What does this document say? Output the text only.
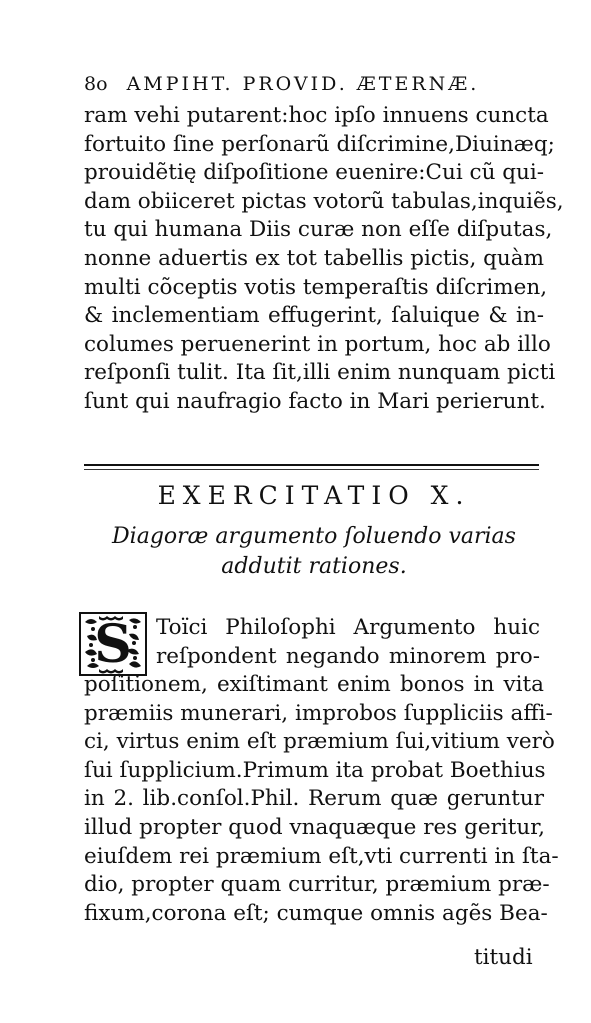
8o AMPIHT. PROVID. ÆTERNÆ.
ram vehi putarent:hoc ipſo innuens cuncta
fortuito ſine perſonarũ diſcrimine,Diuinæq;
prouidẽtię diſpoſitione euenire:Cui cũ qui-
dam obiiceret pictas votorũ tabulas,inquiẽs,
tu qui humana Diis curæ non eſſe diſputas,
nonne aduertis ex tot tabellis pictis, quàm
multi cõceptis votis temperaſtis diſcrimen,
& inclementiam effugerint, ſaluique & in-
columes peruenerint in portum, hoc ab illo
reſponſi tulit. Ita ſit,illi enim nunquam picti
ſunt qui naufragio facto in Mari perierunt.
EXERCITATIO X.
Diagoræ argumento ſoluendo varias
addutit rationes.
S Toïci Philoſophi Argumento huic
reſpondent negando minorem pro-
poſitionem, exiſtimant enim bonos in vita
præmiis munerari, improbos ſuppliciis affi-
ci, virtus enim eſt præmium ſui,vitium verò
ſui ſupplicium.Primum ita probat Boethius
in 2. lib.conſol.Phil. Rerum quæ geruntur
illud propter quod vnaquæque res geritur,
eiuſdem rei præmium eſt,vti currenti in ſta-
dio, propter quam curritur, præmium præ-
fixum,corona eſt; cumque omnis agẽs Bea-
titudi
